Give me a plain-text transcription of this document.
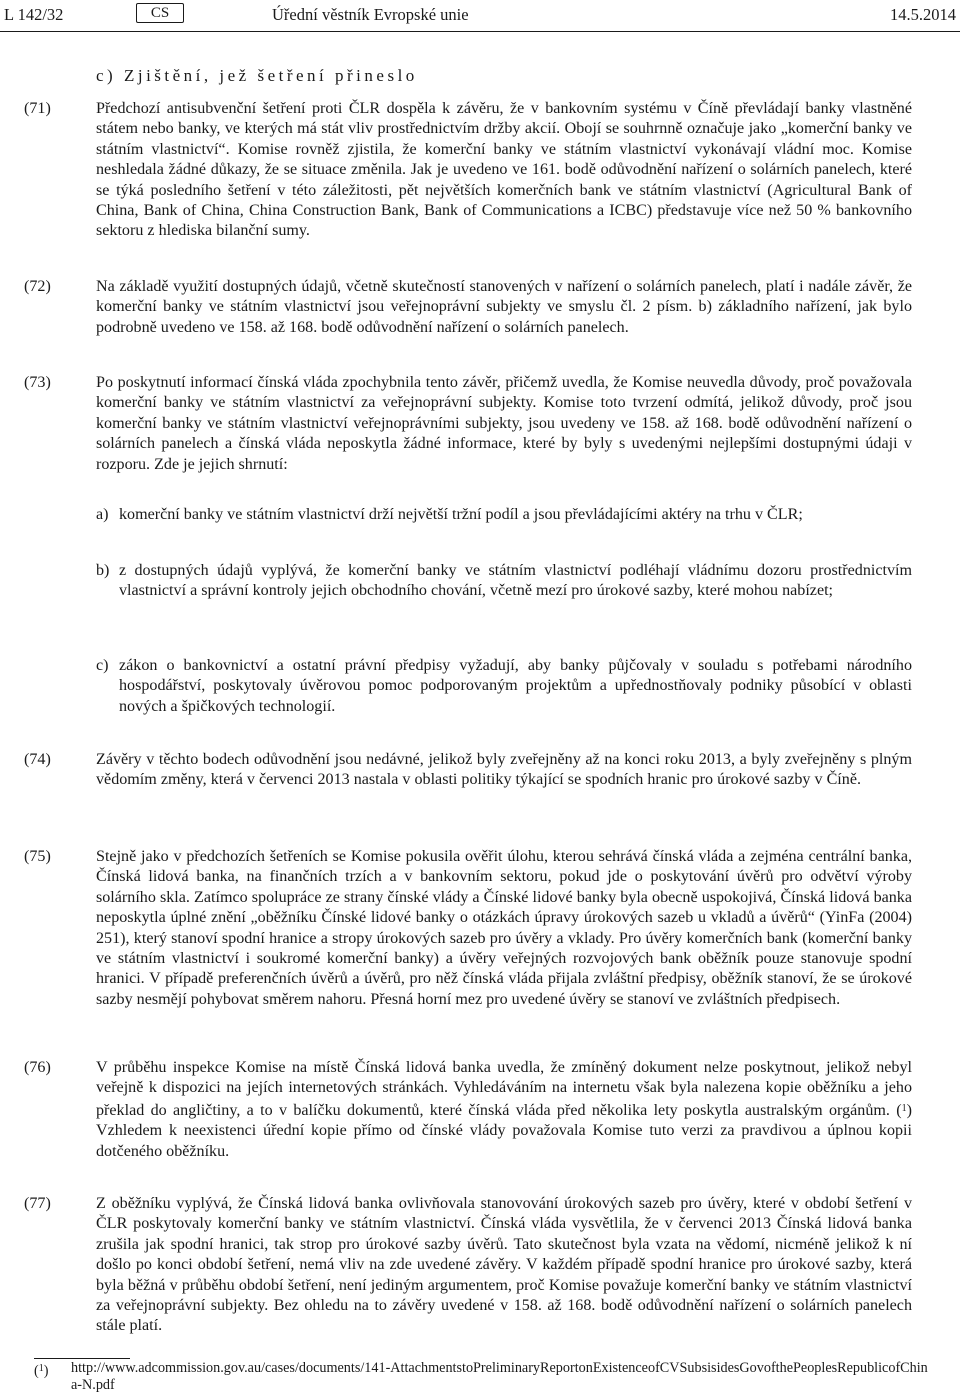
L 142/32	CS	Úřední věstník Evropské unie	14.5.2014
c) Zjištění, jež šetření přineslo
(71)	Předchozí antisubvenční šetření proti ČLR dospěla k závěru, že v bankovním systému v Číně převládají banky vlastněné státem nebo banky, ve kterých má stát vliv prostřednictvím držby akcií. Obojí se souhrnně označuje jako „komerční banky ve státním vlastnictví“. Komise rovněž zjistila, že komerční banky ve státním vlastnictví vykonávají vládní moc. Komise neshledala žádné důkazy, že se situace změnila. Jak je uvedeno ve 161. bodě odůvodnění nařízení o solárních panelech, které se týká posledního šetření v této záležitosti, pět největších komerčních bank ve státním vlastnictví (Agricultural Bank of China, Bank of China, China Construction Bank, Bank of Communications a ICBC) představuje více než 50 % bankovního sektoru z hlediska bilanční sumy.
(72)	Na základě využití dostupných údajů, včetně skutečností stanovených v nařízení o solárních panelech, platí i nadále závěr, že komerční banky ve státním vlastnictví jsou veřejnoprávní subjekty ve smyslu čl. 2 písm. b) základního nařízení, jak bylo podrobně uvedeno ve 158. až 168. bodě odůvodnění nařízení o solárních panelech.
(73)	Po poskytnutí informací čínská vláda zpochybnila tento závěr, přičemž uvedla, že Komise neuvedla důvody, proč považovala komerční banky ve státním vlastnictví za veřejnoprávní subjekty. Komise toto tvrzení odmítá, jelikož důvody, proč jsou komerční banky ve státním vlastnictví veřejnoprávními subjekty, jsou uvedeny ve 158. až 168. bodě odůvodnění nařízení o solárních panelech a čínská vláda neposkytla žádné informace, které by byly s uvedenými nejlepšími dostupnými údaji v rozporu. Zde je jejich shrnutí:
a) komerční banky ve státním vlastnictví drží největší tržní podíl a jsou převládajícími aktéry na trhu v ČLR;
b) z dostupných údajů vyplývá, že komerční banky ve státním vlastnictví podléhají vládnímu dozoru prostřednictvím vlastnictví a správní kontroly jejich obchodního chování, včetně mezí pro úrokové sazby, které mohou nabízet;
c) zákon o bankovnictví a ostatní právní předpisy vyžadují, aby banky půjčovaly v souladu s potřebami národního hospodářství, poskytovaly úvěrovou pomoc podporovaným projektům a upřednostňovaly podniky působící v oblasti nových a špičkových technologií.
(74)	Závěry v těchto bodech odůvodnění jsou nedávné, jelikož byly zveřejněny až na konci roku 2013, a byly zveřejněny s plným vědomím změny, která v červenci 2013 nastala v oblasti politiky týkající se spodních hranic pro úrokové sazby v Číně.
(75)	Stejně jako v předchozích šetřeních se Komise pokusila ověřit úlohu, kterou sehrává čínská vláda a zejména centrální banka, Čínská lidová banka, na finančních trzích a v bankovním sektoru, pokud jde o poskytování úvěrů pro odvětví výroby solárního skla. Zatímco spolupráce ze strany čínské vlády a Čínské lidové banky byla obecně uspokojivá, Čínská lidová banka neposkytla úplné znění „oběžníku Čínské lidové banky o otázkách úpravy úrokových sazeb u vkladů a úvěrů“ (YinFa (2004) 251), který stanoví spodní hranice a stropy úrokových sazeb pro úvěry a vklady. Pro úvěry komerčních bank (komerční banky ve státním vlastnictví i soukromé komerční banky) a úvěry veřejných rozvojových bank oběžník pouze stanovuje spodní hranici. V případě preferenčních úvěrů a úvěrů, pro něž čínská vláda přijala zvláštní předpisy, oběžník stanoví, že se úrokové sazby nesmějí pohybovat směrem nahoru. Přesná horní mez pro uvedené úvěry se stanoví ve zvláštních předpisech.
(76)	V průběhu inspekce Komise na místě Čínská lidová banka uvedla, že zmíněný dokument nelze poskytnout, jelikož nebyl veřejně k dispozici na jejích internetových stránkách. Vyhledáváním na internetu však byla nalezena kopie oběžníku a jeho překlad do angličtiny, a to v balíčku dokumentů, které čínská vláda před několika lety poskytla australským orgánům. ($^1$) Vzhledem k neexistenci úřední kopie přímo od čínské vlády považovala Komise tuto verzi za pravdivou a úplnou kopii dotčeného oběžníku.
(77)	Z oběžníku vyplývá, že Čínská lidová banka ovlivňovala stanovování úrokových sazeb pro úvěry, které v období šetření v ČLR poskytovaly komerční banky ve státním vlastnictví. Čínská vláda vysvětlila, že v červenci 2013 Čínská lidová banka zrušila jak spodní hranici, tak strop pro úrokové sazby úvěrů. Tato skutečnost byla vzata na vědomí, nicméně jelikož k ní došlo po konci období šetření, nemá vliv na zde uvedené závěry. V každém případě spodní hranice pro úrokové sazby, která byla běžná v průběhu období šetření, není jediným argumentem, proč Komise považuje komerční banky ve státním vlastnictví za veřejnoprávní subjekty. Bez ohledu na to závěry uvedené v 158. až 168. bodě odůvodnění nařízení o solárních panelech stále platí.
($^1$) http://www.adcommission.gov.au/cases/documents/141-AttachmentstoPreliminaryReportonExistenceofCVSubsisidesGovofthePeoplesRepublicofChina-N.pdf
